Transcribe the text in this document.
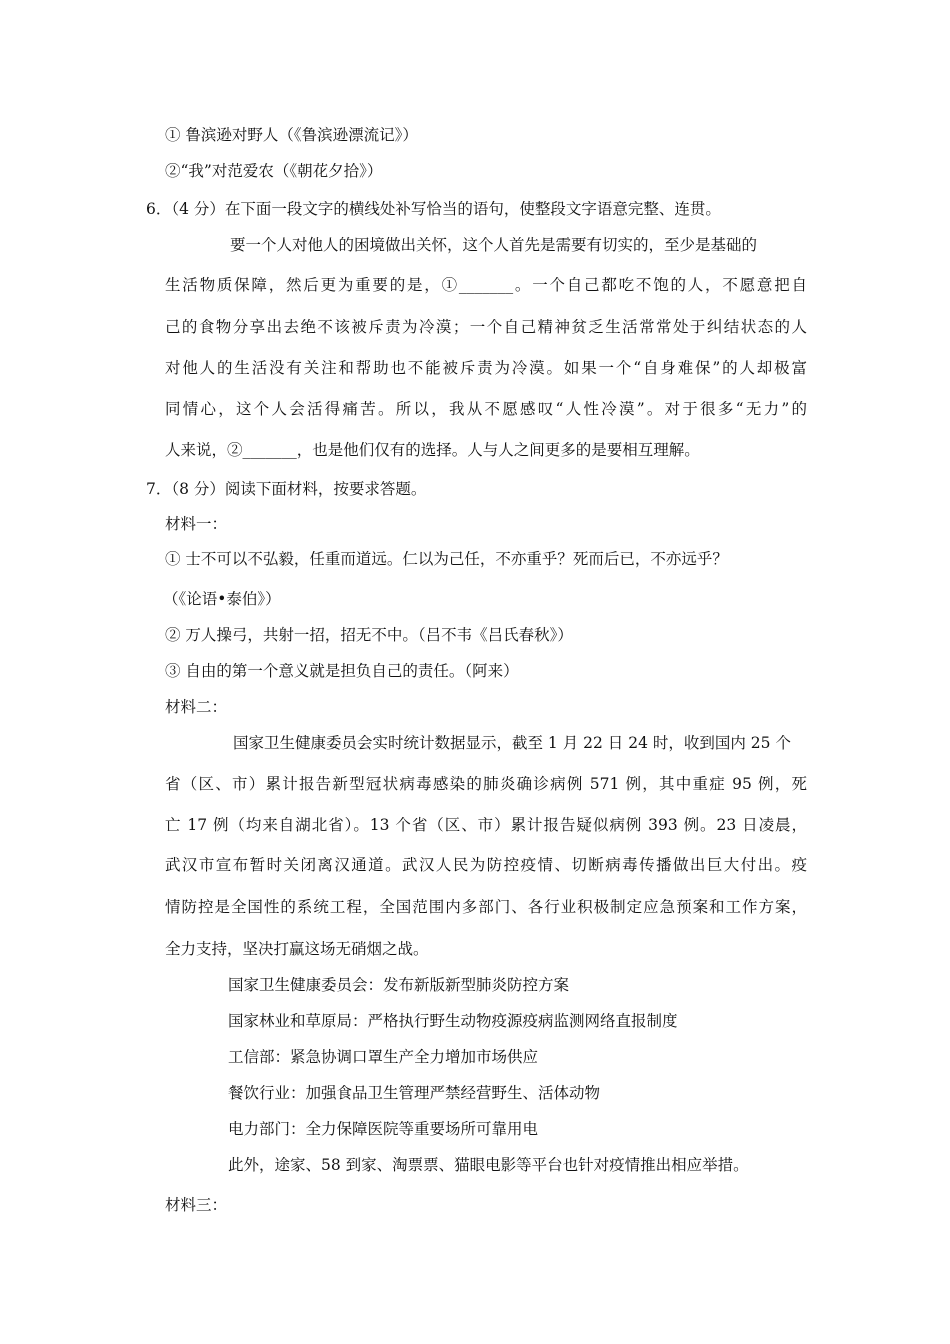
① 鲁滨逊对野人（《鲁滨逊漂流记》）
②“我”对范爱农（《朝花夕拾》）
6．（4 分）在下面一段文字的横线处补写恰当的语句，使整段文字语意完整、连贯。
要一个人对他人的困境做出关怀，这个人首先是需要有切实的，至少是基础的
生活物质保障，然后更为重要的是，①_______。一个自己都吃不饱的人，不愿意把自
己的食物分享出去绝不该被斥责为冷漠；一个自己精神贫乏生活常常处于纠结状态的人
对他人的生活没有关注和帮助也不能被斥责为冷漠。如果一个“自身难保”的人却极富
同情心，这个人会活得痛苦。所以，我从不愿感叹“人性冷漠”。对于很多“无力”的
人来说，②_______，也是他们仅有的选择。人与人之间更多的是要相互理解。
7．（8 分）阅读下面材料，按要求答题。
材料一：
① 士不可以不弘毅，任重而道远。仁以为己任，不亦重乎？死而后已，不亦远乎？
（《论语•泰伯》）
② 万人操弓，共射一招，招无不中。（吕不韦《吕氏春秋》）
③ 自由的第一个意义就是担负自己的责任。（阿来）
材料二：
国家卫生健康委员会实时统计数据显示，截至 1 月 22 日 24 时，收到国内 25 个
省（区、市）累计报告新型冠状病毒感染的肺炎确诊病例 571 例，其中重症 95 例，死
亡 17 例（均来自湖北省）。13 个省（区、市）累计报告疑似病例 393 例。23 日凌晨，
武汉市宣布暂时关闭离汉通道。武汉人民为防控疫情、切断病毒传播做出巨大付出。疫
情防控是全国性的系统工程，全国范围内多部门、各行业积极制定应急预案和工作方案，
全力支持，坚决打赢这场无硝烟之战。
国家卫生健康委员会：发布新版新型肺炎防控方案
国家林业和草原局：严格执行野生动物疫源疫病监测网络直报制度
工信部：紧急协调口罩生产全力增加市场供应
餐饮行业：加强食品卫生管理严禁经营野生、活体动物
电力部门：全力保障医院等重要场所可靠用电
此外，途家、58 到家、淘票票、猫眼电影等平台也针对疫情推出相应举措。
材料三：
